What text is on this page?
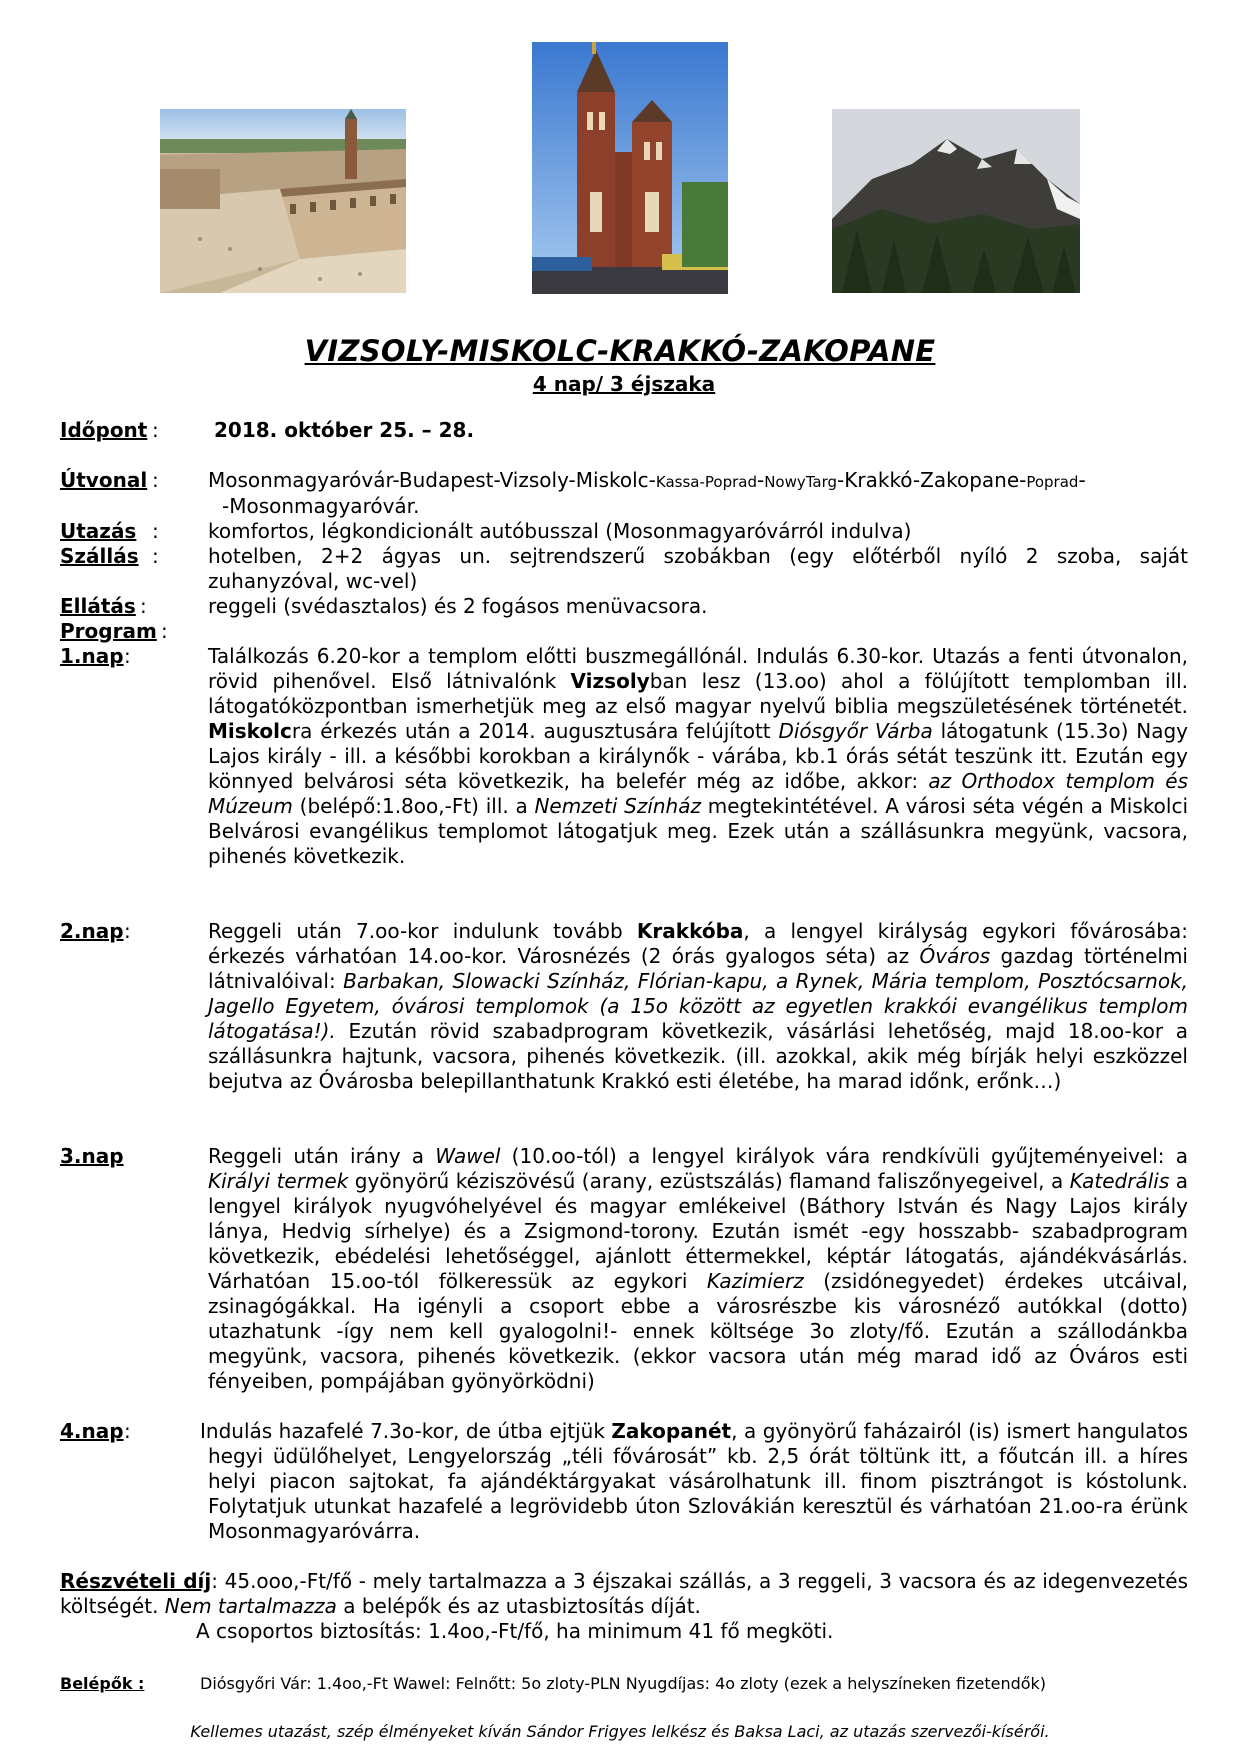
VIZSOLY-MISKOLC-KRAKKÓ-ZAKOPANE
4 nap/ 3 éjszaka
Időpont :	2018. október 25. – 28.
Útvonal : Mosonmagyaróvár-Budapest-Vizsoly-Miskolc-Kassa-Poprad-NowyTarg-Krakkó-Zakopane-Poprad-
-Mosonmagyaróvár.
Utazás : komfortos, légkondicionált autóbusszal (Mosonmagyaróvárról indulva)
Szállás : hotelben, 2+2 ágyas un. sejtrendszerű szobákban (egy előtérből nyíló 2 szoba, saját zuhanyzóval, wc-vel)
Ellátás :	reggeli (svédasztalos) és 2 fogásos menüvacsora.
Program :
1.nap :	Találkozás 6.20-kor a templom előtti buszmegállónál. Indulás 6.30-kor. Utazás a fenti útvonalon, rövid pihenővel. Első látnivalónk Vizsolyban lesz (13.oo) ahol a fölújított templomban ill. látogatóközpontban ismerhetjük meg az első magyar nyelvű biblia megszületésének történetét. Miskolcra érkezés után a 2014. augusztusára felújított Diósgyőr Várba látogatunk (15.3o) Nagy Lajos király - ill. a későbbi korokban a királynők - várába, kb.1 órás sétát teszünk itt. Ezután egy könnyed belvárosi séta következik, ha belefér még az időbe, akkor: az Orthodox templom és Múzeum (belépő:1.8oo,-Ft) ill. a Nemzeti Színház megtekintétével. A városi séta végén a Miskolci Belvárosi evangélikus templomot látogatjuk meg. Ezek után a szállásunkra megyünk, vacsora, pihenés következik.
2.nap :	Reggeli után 7.oo-kor indulunk tovább Krakkóba, a lengyel királyság egykori fővárosába: érkezés várhatóan 14.oo-kor. Városnézés (2 órás gyalogos séta) az Óváros gazdag történelmi látnivalóival: Barbakan, Slowacki Színház, Flórian-kapu, a Rynek, Mária templom, Posztócsarnok, Jagello Egyetem, óvárosi templomok (a 15o között az egyetlen krakkói evangélikus templom látogatása!). Ezután rövid szabadprogram következik, vásárlási lehetőség, majd 18.oo-kor a szállásunkra hajtunk, vacsora, pihenés következik. (ill. azokkal, akik még bírják helyi eszközzel bejutva az Óvárosba belepillanthatunk Krakkó esti életébe, ha marad időnk, erőnk…)
3.nap	Reggeli után irány a Wawel (10.oo-tól) a lengyel királyok vára rendkívüli gyűjteményeivel: a Királyi termek gyönyörű kéziszövésű (arany, ezüstszálás) flamand faliszőnyegeivel, a Katedrális a lengyel királyok nyugvóhelyével és magyar emlékeivel (Báthory István és Nagy Lajos király lánya, Hedvig sírhelye) és a Zsigmond-torony. Ezután ismét -egy hosszabb- szabadprogram következik, ebédelési lehetőséggel, ajánlott éttermekkel, képtár látogatás, ajándékvásárlás. Várhatóan 15.oo-tól fölkeressük az egykori Kazimierz (zsidónegyedet) érdekes utcáival, zsinagógákkal. Ha igényli a csoport ebbe a városrészbe kis városnéző autókkal (dotto) utazhatunk -így nem kell gyalogolni!- ennek költsége 3o zloty/fő. Ezután a szállodánkba megyünk, vacsora, pihenés következik. (ekkor vacsora után még marad idő az Óváros esti fényeiben, pompájában gyönyörködni)
4.nap :	Indulás hazafelé 7.3o-kor, de útba ejtjük Zakopanét, a gyönyörű faházairól (is) ismert hangulatos hegyi üdülőhelyet, Lengyelország „téli fővárosát” kb. 2,5 órát töltünk itt, a főutcán ill. a híres helyi piacon sajtokat, fa ajándéktárgyakat vásárolhatunk ill. finom pisztrángot is kóstolunk. Folytatjuk utunkat hazafelé a legrövidebb úton Szlovákián keresztül és várhatóan 21.oo-ra érünk Mosonmagyaróvárra.
Részvételi díj: 45.ooo,-Ft/fő - mely tartalmazza a 3 éjszakai szállás, a 3 reggeli, 3 vacsora és az idegenvezetés költségét. Nem tartalmazza a belépők és az utasbiztosítás díját.
A csoportos biztosítás: 1.4oo,-Ft/fő, ha minimum 41 fő megköti.
Belépők :	Diósgyőri Vár: 1.4oo,-Ft Wawel: Felnőtt: 5o zloty-PLN Nyugdíjas: 4o zloty (ezek a helyszíneken fizetendők)
Kellemes utazást, szép élményeket kíván Sándor Frigyes lelkész és Baksa Laci, az utazás szervezői-kísérői.
